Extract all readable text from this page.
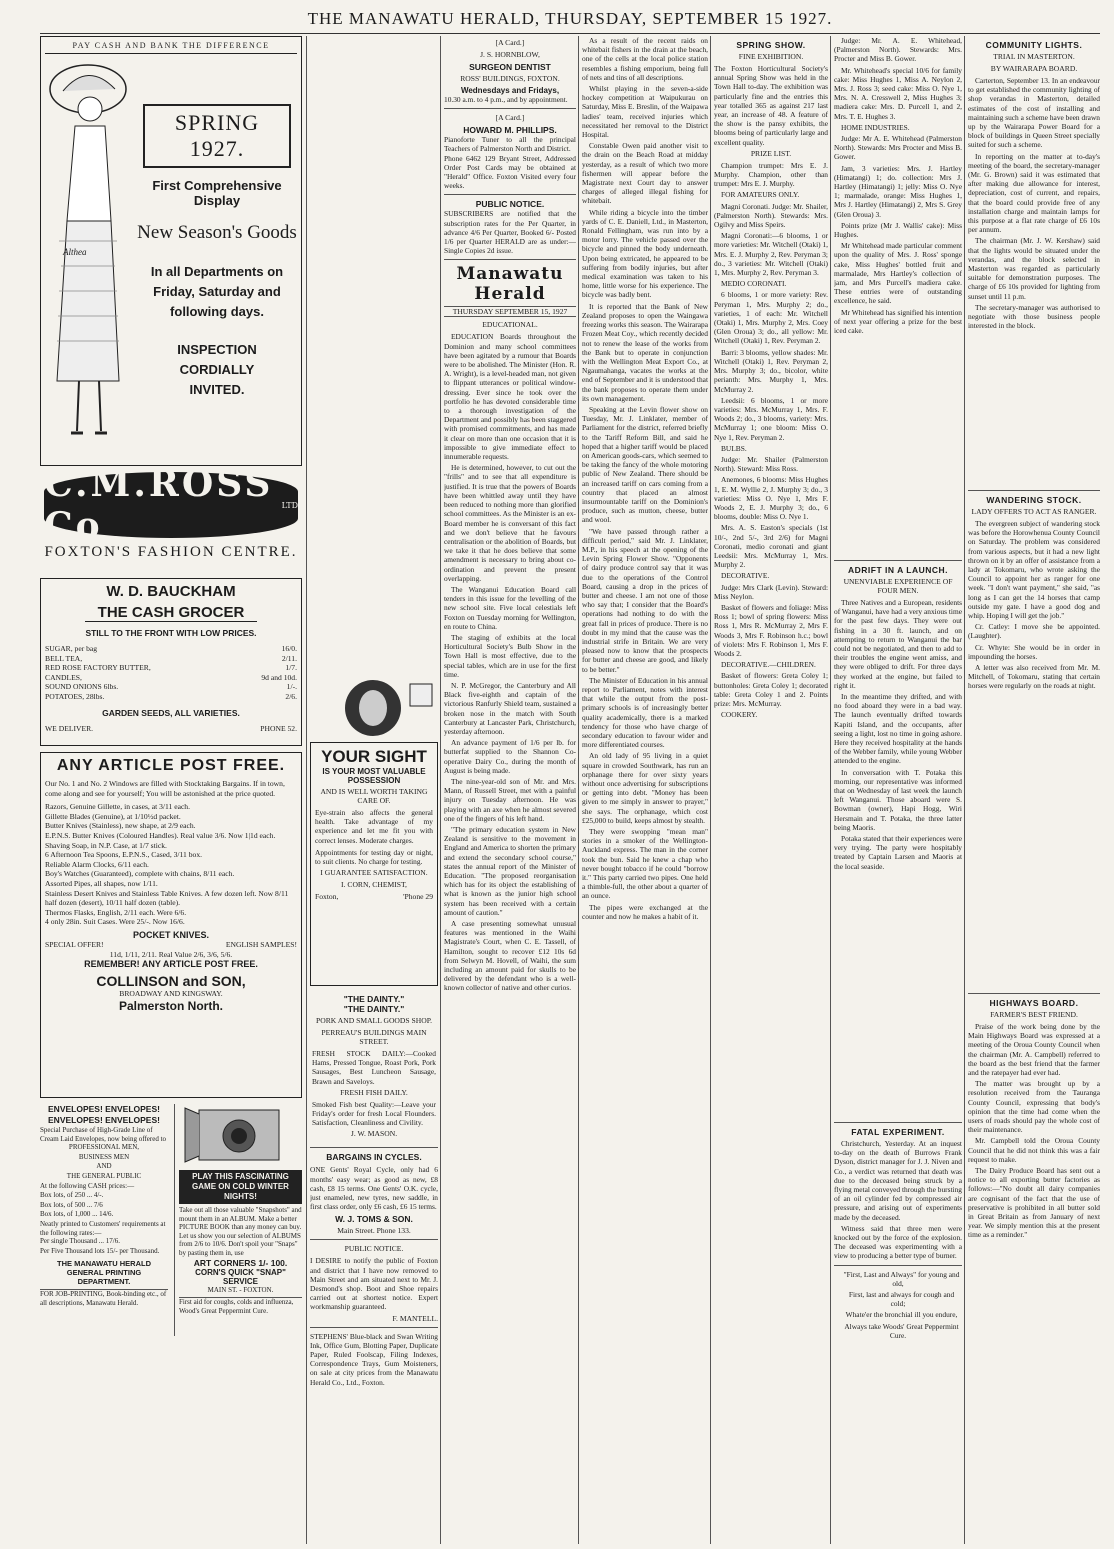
THE MANAWATU HERALD, THURSDAY, SEPTEMBER 15 1927.
PAY CASH AND BANK THE DIFFERENCE
Althea
SPRING 1927.
First Comprehensive Display
New Season's Goods
In all Departments on Friday, Saturday and following days.
INSPECTION CORDIALLY INVITED.
C.M.ROSS Co	LTD
FOXTON'S FASHION CENTRE.
W. D. BAUCKHAM
THE CASH GROCER
STILL TO THE FRONT WITH LOW PRICES.
SUGAR, per bag	16/0.
BELL TEA,	2/11.
RED ROSE FACTORY BUTTER,	1/7.
CANDLES,	9d and 10d.
SOUND ONIONS 6lbs.	1/-.
POTATOES, 28lbs.	2/6.
GARDEN SEEDS, ALL VARIETIES.
WE DELIVER.	PHONE 52.
ANY ARTICLE POST FREE.
Our No. 1 and No. 2 Windows are filled with Stocktaking Bargains. If in town, come along and see for yourself; You will be astonished at the price quoted.
Razors, Genuine Gillette, in cases, at 3/11 each.
Gillette Blades (Genuine), at 1/10½d packet.
Butter Knives (Stainless), new shape, at 2/9 each.
E.P.N.S. Butter Knives (Coloured Handles). Real value 3/6. Now 1|1d each.
Shaving Soap, in N.P. Case, at 1/7 stick.
6 Afternoon Tea Spoons, E.P.N.S., Cased, 3/11 box.
Reliable Alarm Clocks, 6/11 each.
Boy's Watches (Guaranteed), complete with chains, 8/11 each.
Assorted Pipes, all shapes, now 1/11.
Stainless Desert Knives and Stainless Table Knives. A few dozen left. Now 8/11 half dozen (desert), 10/11 half dozen (table).
Thermos Flasks, English, 2/11 each. Were 6/6.
4 only 28in. Suit Cases. Were 25/-. Now 16/6.
POCKET KNIVES.
SPECIAL OFFER!	ENGLISH SAMPLES!
11d, 1/11, 2/11. Real Value 2/6, 3/6, 5/6.
REMEMBER! ANY ARTICLE POST FREE.
COLLINSON and SON,
BROADWAY AND KINGSWAY.
Palmerston North.
ENVELOPES! ENVELOPES! ENVELOPES! ENVELOPES!
Special Purchase of High-Grade Line of Cream Laid Envelopes, now being offered to
PROFESSIONAL MEN,
BUSINESS MEN
AND
THE GENERAL PUBLIC
At the following CASH prices:—
Box lots, of 250 ... 4/-.
Box lots, of 500 ... 7/6
Box lots, of 1,000 ... 14/6.
Neatly printed to Customers' requirements at the following rates:—
Per single Thousand ... 17/6.
Per Five Thousand lots 15/- per Thousand.
THE MANAWATU HERALD GENERAL PRINTING DEPARTMENT.
FOR JOB-PRINTING, Book-binding etc., of all descriptions, Manawatu Herald.
PLAY THIS FASCINATING GAME ON COLD WINTER NIGHTS!
Take out all those valuable "Snapshots" and mount them in an ALBUM. Make a better PICTURE BOOK than any money can buy. Let us show you our selection of ALBUMS from 2/6 to 10/6. Don't spoil your "Snaps" by pasting them in, use
ART CORNERS 1/- 100.
CORN'S QUICK "SNAP" SERVICE
MAIN ST. - FOXTON.
First aid for coughs, colds and influenza, Wood's Great Peppermint Cure.
YOUR SIGHT
IS YOUR MOST VALUABLE POSSESSION
AND IS WELL WORTH TAKING CARE OF.
Eye-strain also affects the general health. Take advantage of my experience and let me fit you with correct lenses. Moderate charges.
Appointments for testing day or night, to suit clients. No charge for testing.
I GUARANTEE SATISFACTION.
I. CORN, CHEMIST,
Foxton,	'Phone 29
"THE DAINTY."
"THE DAINTY."
PORK AND SMALL GOODS SHOP.
PERREAU'S BUILDINGS MAIN STREET.
FRESH STOCK DAILY:—Cooked Hams, Pressed Tongue, Roast Pork, Pork Sausages, Best Luncheon Sausage, Brawn and Saveloys.
FRESH FISH DAILY.
Smoked Fish best Quality:—Leave your Friday's order for fresh Local Flounders. Satisfaction, Cleanliness and Civility.
J. W. MASON.
BARGAINS IN CYCLES.
ONE Gents' Royal Cycle, only had 6 months' easy wear; as good as new, £8 cash, £8 15 terms. One Gents' O.K. cycle, just enameled, new tyres, new saddle, in first class order, only £6 cash, £6 15 terms.
W. J. TOMS & SON.
Main Street. Phone 133.
PUBLIC NOTICE.
I DESIRE to notify the public of Foxton and district that I have now removed to Main Street and am situated next to Mr. J. Desmond's shop. Boot and Shoe repairs carried out at shortest notice. Expert workmanship guaranteed.
F. MANTELL.
STEPHENS' Blue-black and Swan Writing Ink, Office Gum, Blotting Paper, Duplicate Paper, Ruled Foolscap, Filing Indexes, Correspondence Trays, Gum Moisteners, on sale at city prices from the Manawatu Herald Co., Ltd., Foxton.
[A Card.]
J. S. HORNBLOW,
SURGEON DENTIST
ROSS' BUILDINGS, FOXTON.
Wednesdays and Fridays,
10.30 a.m. to 4 p.m., and by appointment.
[A Card.]
HOWARD M. PHILLIPS.
Pianoforte Tuner to all the principal Teachers of Palmerston North and District.
Phone 6462 129 Bryant Street, Addressed Order Post Cards may be obtained at "Herald" Office. Foxton Visited every four weeks.
PUBLIC NOTICE.
SUBSCRIBERS are notified that the subscription rates for the Per Quarter, in advance 4/6 Per Quarter, Booked 6/- Posted 1/6 per Quarter HERALD are as under:— Single Copies 2d issue.
Manawatu Herald
THURSDAY SEPTEMBER 15, 1927
EDUCATIONAL.

EDUCATION Boards throughout the Dominion and many school committees have been agitated by a rumour that Boards were to be abolished. The Minister (Hon. R. A. Wright), is a level-headed man, not given to flippant utterances or political window-dressing. Ever since he took over the portfolio he has devoted considerable time to a thorough investigation of the Department and possibly has been staggered with promised commitments, and has made it clear on more than one occasion that it is impossible to give immediate effect to innumerable requests.

He is determined, however, to cut out the "frills" and to see that all expenditure is justified. It is true that the powers of Boards have been whittled away until they have been reduced to nothing more than glorified school committees. As the Minister is an ex-Board member he is conversant of this fact and we don't believe that he favours centralisation or the abolition of Boards, but we take it that he does believe that some amendment is necessary to bring about co-ordination and prevent the present overlapping.

The Wanganui Education Board call tenders in this issue for the levelling of the new school site. Five local celestials left Foxton on Tuesday morning for Wellington, en route to China.

The staging of exhibits at the local Horticultural Society's Bulb Show in the Town Hall is most effective, due to the special tables, which are in use for the first time.

N. P. McGregor, the Canterbury and All Black five-eighth and captain of the victorious Ranfurly Shield team, sustained a broken nose in the match with South Canterbury at Lancaster Park, Christchurch, yesterday afternoon.

An advance payment of 1/6 per lb. for butterfat supplied to the Shannon Co-operative Dairy Co., during the month of August is being made.

The nine-year-old son of Mr. and Mrs. Mann, of Russell Street, met with a painful injury on Tuesday afternoon. He was playing with an axe when he almost severed one of the fingers of his left hand.

"The primary education system in New Zealand is sensitive to the movement in England and America to shorten the primary and extend the secondary school course," states the annual report of the Minister of Education. "The proposed reorganisation which has for its object the establishing of what is known as the junior high school system has been received with a certain amount of caution."

A case presenting somewhat unusual features was mentioned in the Waihi Magistrate's Court, when C. E. Tassell, of Hamilton, sought to recover £12 10s 6d from Selwyn M. Hovell, of Waihi, the sum including an amount paid for skulls to be delivered by the defendant who is a well-known collector of native and other curios.

As a result of the recent raids on whitebait fishers in the drain at the beach, one of the cells at the local police station resembles a fishing emporium, being full of nets and tins of all descriptions.

Whilst playing in the seven-a-side hockey competition at Waipukurau on Saturday, Miss E. Breslin, of the Waipawa ladies' team, received injuries which necessitated her removal to the District Hospital.

Constable Owen paid another visit to the drain on the Beach Road at midday yesterday, as a result of which two more fishermen will appear before the Magistrate next Court day to answer charges of alleged illegal fishing for whitebait.

While riding a bicycle into the timber yards of C. E. Daniell, Ltd., in Masterton, Ronald Fellingham, was run into by a motor lorry. The vehicle passed over the bicycle and pinned the body underneath. Upon being extricated, he appeared to be suffering from bodily injuries, but after medical examination was taken to his home, little worse for his experience. The bicycle was badly bent.

It is reported that the Bank of New Zealand proposes to open the Waingawa freezing works this season. The Wairarapa Frozen Meat Coy., which recently decided not to renew the lease of the works from the Bank but to operate in conjunction with the Wellington Meat Export Co., at Ngaumahanga, vacates the works at the end of September and it is understood that the bank proposes to operate them under its own management.

Speaking at the Levin flower show on Tuesday, Mr. J. Linklater, member of Parliament for the district, referred briefly to the Tariff Reform Bill, and said he hoped that a higher tariff would be placed on American goods-cars, which seemed to be taking the fancy of the whole motoring public of New Zealand. There should be an increased tariff on cars coming from a country that placed an almost insurmountable tariff on the Dominion's produce, such as mutton, cheese, butter and wool.

"We have passed through rather a difficult period," said Mr. J. Linklater, M.P., in his speech at the opening of the Levin Spring Flower Show. "Opponents of dairy produce control say that it was due to the operations of the Control Board, causing a drop in the prices of butter and cheese. I am not one of those who say that; I consider that the Board's operations had nothing to do with the great fall in prices of produce. There is no doubt in my mind that the cause was the industrial strife in Britain. We are very pleased now to know that the prospects for butter and cheese are good, and likely to be better."

The Minister of Education in his annual report to Parliament, notes with interest that while the output from the post-primary schools is of increasingly better quality academically, there is a marked tendency for those who have charge of secondary education to favour wider and more differentiated courses.

An old lady of 95 living in a quiet square in crowded Southwark, has run an orphanage there for over sixty years without once advertising for subscriptions or getting into debt. "Money has been given to me simply in answer to prayer," she says. The orphanage, which cost £25,000 to build, keeps almost by stealth.

They were swopping "mean man" stories in a smoker of the Wellington-Auckland express. The man in the corner took the bun. Said he knew a chap who never bought tobacco if he could "borrow it." This party carried two pipes. One held a thimble-full, the other about a quarter of an ounce.

The pipes were exchanged at the counter and now he makes a habit of it.

SPRING SHOW.
FINE EXHIBITION.
The Foxton Horticultural Society's annual Spring Show was held in the Town Hall to-day. The exhibition was particularly fine and the entries this year totalled 365 as against 217 last year, an increase of 48. A feature of the show is the pansy exhibits, the blooms being of particularly large and excellent quality.
PRIZE LIST.

Champion trumpet: Mrs E. J. Murphy. Champion, other than trumpet: Mrs E. J. Murphy.

FOR AMATEURS ONLY.

Magni Coronati. Judge: Mr. Shailer, (Palmerston North). Stewards: Mrs. Ogilvy and Miss Speirs.

Magni Coronati:—6 blooms, 1 or more varieties: Mr. Witchell (Otaki) 1, Mrs. E. J. Murphy 2, Rev. Peryman 3; do., 3 varieties: Mr. Witchell (Otaki) 1, Mrs. Murphy 2, Rev. Peryman 3.

MEDIO CORONATI.

6 blooms, 1 or more variety: Rev. Peryman 1, Mrs. Murphy 2; do., varieties, 1 of each: Mr. Witchell (Otaki) 1, Mrs. Murphy 2, Mrs. Coey (Glen Oroua) 3; do., all yellow: Mr. Witchell (Otaki) 1, Rev. Peryman 2.

Barri: 3 blooms, yellow shades: Mr. Witchell (Otaki) 1, Rev. Peryman 2, Mrs. Murphy 3; do., bicolor, white perianth: Mrs. Murphy 1, Mrs. McMurray 2.

Leedsii: 6 blooms, 1 or more varieties: Mrs. McMurray 1, Mrs. F. Woods 2; do., 3 blooms, variety: Mrs. McMurray 1; one bloom: Miss O. Nye 1, Rev. Peryman 2.

BULBS.

Judge: Mr. Shailer (Palmerston North). Steward: Miss Ross.

Anemones, 6 blooms: Miss Hughes 1, E. M. Wyllie 2, J. Murphy 3; do., 3 varieties: Miss O. Nye 1, Mrs F. Woods 2, E. J. Murphy 3; do., 6 blooms, double: Miss O. Nye 1.

Mrs. A. S. Easton's specials (1st 10/-, 2nd 5/-, 3rd 2/6) for Magni Coronati, medio coronati and giant Leedsii: Mrs. McMurray 1, Mrs. Murphy 2.

DECORATIVE.

Judge: Mrs Clark (Levin). Steward: Miss Neylon.

Basket of flowers and foliage: Miss Ross 1; bowl of spring flowers: Miss Ross 1, Mrs R. McMurray 2, Mrs F. Woods 3, Mrs F. Robinson h.c.; bowl of violets: Mrs F. Robinson 1, Mrs F. Woods 2.

DECORATIVE.—CHILDREN.

Basket of flowers: Greta Coley 1; buttonholes: Greta Coley 1; decorated table: Greta Coley 1 and 2. Points prize: Mrs. McMurray.

COOKERY.

Judge: Mr. A. E. Whitehead, (Palmerston North). Stewards: Mrs. Procter and Miss B. Gower.

Mr. Whitehead's special 10/6 for family cake: Miss Hughes 1, Miss A. Neylon 2, Mrs. J. Ross 3; seed cake: Miss O. Nye 1, Mrs. N. A. Cresswell 2, Miss Hughes 3; madiera cake: Mrs. D. Purcell 1, and 2, Mrs. T. E. Hughes 3.

HOME INDUSTRIES.

Judge: Mr A. E. Whitehead (Palmerston North). Stewards: Mrs Procter and Miss B. Gower.

Jam, 3 varieties: Mrs. J. Hartley (Himatangi) 1; do. collection: Mrs J. Hartley (Himatangi) 1; jelly: Miss O. Nye 1; marmalade, orange: Miss Hughes 1, Mrs J. Hartley (Himatangi) 2, Mrs S. Grey (Glen Oroua) 3.

Points prize (Mr J. Wallis' cake): Miss Hughes.

Mr Whitehead made particular comment upon the quality of Mrs. J. Ross' sponge cake, Miss Hughes' bottled fruit and marmalade, Mrs Hartley's collection of jam, and Mrs Purcell's madiera cake. These entries were of outstanding excellence, he said.

Mr Whitehead has signified his intention of next year offering a prize for the best iced cake.

ADRIFT IN A LAUNCH.
UNENVIABLE EXPERIENCE OF FOUR MEN.

Three Natives and a European, residents of Wanganui, have had a very anxious time for the past few days. They were out fishing in a 30 ft. launch, and on attempting to return to Wanganui the bar could not be negotiated, and then to add to their troubles the engine went amiss, and they were obliged to drift. For three days they worked at the engine, but failed to right it.

In the meantime they drifted, and with no food aboard they were in a bad way. The launch eventually drifted towards Kapiti Island, and the occupants, after seeing a light, lost no time in going ashore. Here they received hospitality at the hands of the Webber family, while young Webber attended to the engine.

In conversation with T. Potaka this morning, our representative was informed that on Wednesday of last week the launch left Wanganui. Those aboard were S. Bowman (owner), Hapi Hogg, Wiri Hersmain and T. Potaka, the three latter being Maoris.

Potaka stated that their experiences were very trying. The party were hospitably treated by Captain Larsen and Maoris at the local seaside.

FATAL EXPERIMENT.

Christchurch, Yesterday. At an inquest to-day on the death of Burrows Frank Dyson, district manager for J. J. Niven and Co., a verdict was returned that death was due to the deceased being struck by a flying metal conveyed through the bursting of an oil cylinder fed by compressed air pressure, and arising out of experiments made by the deceased.

Witness said that three men were knocked out by the force of the explosion. The deceased was experimenting with a view to producing a better type of burner.

"First, Last and Always" for young and old,

First, last and always for cough and cold;

Whate'er the bronchial ill you endure,

Always take Woods' Great Peppermint Cure.

COMMUNITY LIGHTS.
TRIAL IN MASTERTON.
BY WAIRARAPA BOARD.

Carterton, September 13. In an endeavour to get established the community lighting of shop verandas in Masterton, detailed estimates of the cost of installing and maintaining such a scheme have been drawn up by the Wairarapa Power Board for a block of buildings in Queen Street specially suited for such a scheme.

In reporting on the matter at to-day's meeting of the board, the secretary-manager (Mr. G. Brown) said it was estimated that after making due allowance for interest, depreciation, cost of current, and repairs, that the board could provide free of any installation charge and maintain lamps for this purpose at a flat rate charge of £6 10s per annum.

The chairman (Mr. J. W. Kershaw) said that the lights would be situated under the verandas, and the block selected in Masterton was regarded as particularly suitable for demonstration purposes. The charge of £6 10s provided for lighting from sunset until 11 p.m.

The secretary-manager was authorised to negotiate with those business people interested in the block.

WANDERING STOCK.
LADY OFFERS TO ACT AS RANGER.

The evergreen subject of wandering stock was before the Horowhenua County Council on Saturday. The problem was considered from various aspects, but it had a new light thrown on it by an offer of assistance from a lady at Tokomaru, who wrote asking the Council to appoint her as ranger for one week. "I don't want payment," she said, "as long as I can get the 14 horses that camp outside my gate. I have a good dog and whip. Hoping I will get the job."

Cr. Catley: I move she be appointed. (Laughter).

Cr. Whyte: She would be in order in impounding the horses.

A letter was also received from Mr. M. Mitchell, of Tokomaru, stating that certain horses were regularly on the roads at night.

HIGHWAYS BOARD.
FARMER'S BEST FRIEND.

Praise of the work being done by the Main Highways Board was expressed at a meeting of the Oroua County Council when the chairman (Mr. A. Campbell) referred to the board as the best friend that the farmer and the ratepayer had ever had.

The matter was brought up by a resolution received from the Tauranga County Council, expressing that body's opinion that the time had come when the users of roads should pay the whole cost of their maintenance.

Mr. Campbell told the Oroua County Council that he did not think this was a fair request to make.

The Dairy Produce Board has sent out a notice to all exporting butter factories as follows:—"No doubt all dairy companies are cognisant of the fact that the use of preservative is prohibited in all butter sold in Great Britain as from January of next year. We simply mention this at the present time as a reminder."
